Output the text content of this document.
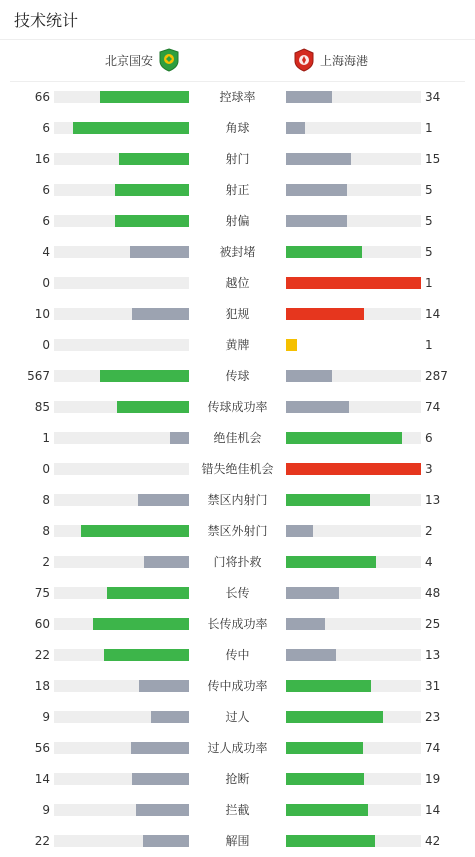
技术统计
北京国安	上海海港
66	控球率	34
6	角球	1
16	射门	15
6	射正	5
6	射偏	5
4	被封堵	5
0	越位	1
10	犯规	14
0	黄牌	1
567	传球	287
85	传球成功率	74
1	绝佳机会	6
0	错失绝佳机会	3
8	禁区内射门	13
8	禁区外射门	2
2	门将扑救	4
75	长传	48
60	长传成功率	25
22	传中	13
18	传中成功率	31
9	过人	23
56	过人成功率	74
14	抢断	19
9	拦截	14
22	解围	42
